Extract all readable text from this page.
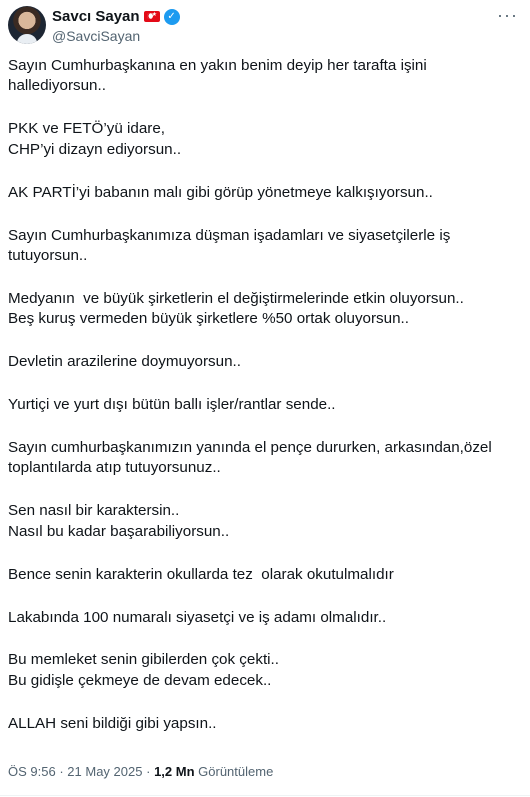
Savcı Sayan
★	✓
@SavciSayan
···
Sayın Cumhurbaşkanına en yakın benim deyip her tarafta işini
hallediyorsun..
PKK ve FETÖ’yü idare,
CHP’yi dizayn ediyorsun..
AK PARTİ’yi babanın malı gibi görüp yönetmeye kalkışıyorsun..
Sayın Cumhurbaşkanımıza düşman işadamları ve siyasetçilerle iş
tutuyorsun..
Medyanın  ve büyük şirketlerin el değiştirmelerinde etkin oluyorsun..
Beş kuruş vermeden büyük şirketlere %50 ortak oluyorsun..
Devletin arazilerine doymuyorsun..
Yurtiçi ve yurt dışı bütün ballı işler/rantlar sende..
Sayın cumhurbaşkanımızın yanında el pençe dururken, arkasından,özel
toplantılarda atıp tutuyorsunuz..
Sen nasıl bir karaktersin..
Nasıl bu kadar başarabiliyorsun..
Bence senin karakterin okullarda tez  olarak okutulmalıdır
Lakabında 100 numaralı siyasetçi ve iş adamı olmalıdır..
Bu memleket senin gibilerden çok çekti..
Bu gidişle çekmeye de devam edecek..
ALLAH seni bildiği gibi yapsın..
ÖS 9:56 · 21 May 2025 · 1,2 Mn Görüntüleme
